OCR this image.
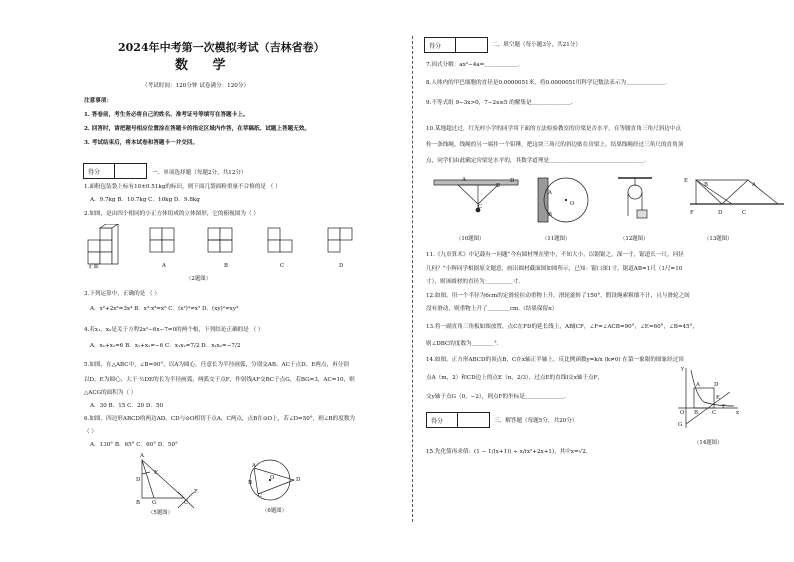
2024年中考第一次模拟考试（吉林省卷）
数 学
（考试时间：120分钟 试卷满分：120分）
注意事项：
1. 答卷前，考生务必将自己的姓名、准考证号等填写在答题卡上。
2. 回答时，请把题号相应位置涂在答题卡的指定区域内作答，在草稿纸、试题上答题无效。
3. 考试结束后，将本试卷和答题卡一并交回。
得分	一、单项选择题（每题2分，共12分）
1.面粉包装袋上标有10±0.51kg的标识，则下面几袋面粉重量不合格的是 （ ）
A．9.7kg B．10.7kg C．10kg D．9.8kg
2.如图，是由四个相同的小正方体组成的立体图形，它的俯视图为（ ）
正面	A	B	C	D
（2题图）
3.下列运算中，正确的是 （ ）
A．x²+2x²=3x⁴ B．x³·x³=x⁶ C．(x²)³=x⁵ D．(xy)²=xy²
4.若x₁，x₂是关于方程2x²−6x−7=0的两个根，下列结论正确的是 （ ）
A．x₁+x₂=6 B．x₁+x₂=−6 C．x₁x₂=7/2 D．x₁x₂=−7/2
5.如图，在△ABC中，∠B=90°，以A为圆心，任意长为半径画弧，分别交AB、AC于点D、E两点，再分别
以D，E为圆心，大于 ½DE的长为半径画弧，两弧交于点F，作射线AF交BC于点G，若BG=3，AC=10，则
△ACG的面积为（ ）
A．30 B．15 C．20 D．50
6.如图，四边形ABCD的两边AD、CD与⊙O相切于点A，C两点，点B在⊙O上，若∠D=50°，则∠B的度数为
（ ）
A．130° B．65° C．60° D．50°
A
E
D
G
B	C
F
（5题图）
A
D
O
B
C
（6题图）
得分	二、填空题（每小题3分，共21分）
7.因式分解：ax²−4a=＿＿＿＿＿＿.
8.人体内的甲巴细胞的直径是0.0000051米，将0.0000051用科学记数法表示为＿＿＿＿＿＿＿.
9.不等式组 9−3x>0，7−2x≤5 的解集是＿＿＿＿＿＿＿.
10.某地超过过，红光村小学的同学用下面的方法检验教室的房梁是否水平，在等腰直角三角尺斜边中点
拴一条线绳，线绳的另一端挂一个铅锤，把这块三角尺的斜边贴在房梁上，结果线绳经过三角尺的直角顶
点，同学们由此确定房梁是水平的，其数学道理是＿＿＿＿＿＿＿＿＿＿＿＿＿＿＿＿＿.
A
B
C
D
A
B
O
E
B	A
F	D	C
（10题图）	（11题图）	（12题图）	（13题图）
11.《九章算术》中记载有一问题“今有圆材埋在壁中，不知大小，以锯锯之，深一寸，锯道长一尺，问径
几何？”小辉同学根据原文题意，画出圆材截面图如图所示，已知：锯口深1寸，锯道AB=1尺（1尺=10
寸），则该圆材的直径为＿＿＿＿＿寸.
12.如图，用一个半径为6cm的定滑轮拉动重物上升，滑轮旋转了150°，假设绳索粗细不计，且与滑轮之间
没有滑动，则重物上升了＿＿＿＿cm.（结果保留π）
13.将一副直角三角板如图放置，点C在FD的延长线上，AB∥CF，∠F=∠ACB=90°，∠E=60°，∠B=45°，
则∠DBC的度数为＿＿＿＿°.
14.如图，正方形ABCD的顶点B，C在x轴正半轴上，反比例函数y=k/x (k≠0) 在第一象限的图象经过顶
点A（m，2）和CD边上的点E（n，2/3），过点E的直线l交x轴于点F，
交y轴于点G（0，−2），则点F的坐标是＿＿＿＿＿＿＿.
y
A	D
E
O B	C
F
x
G
（14题图）
得分	三、解答题（每题5分，共20分）
15.先化简再求值：(1 − 1/(x+1)) ÷ x/(x²+2x+1)，其中x=√2.
